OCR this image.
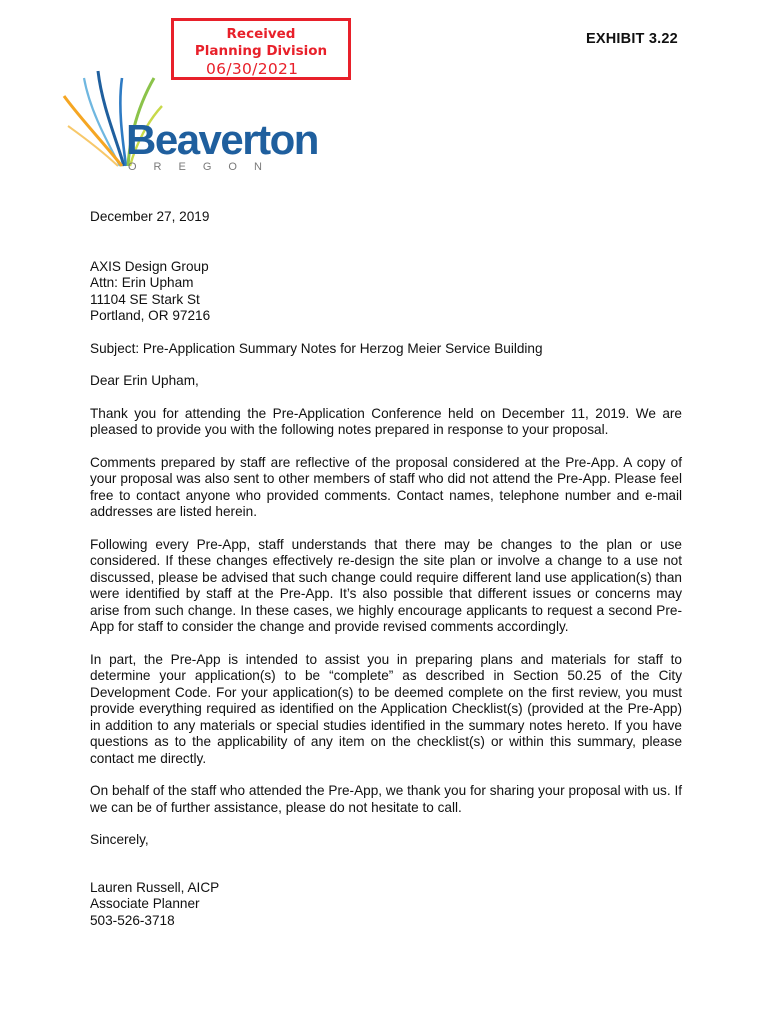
Received
Planning Division
06/30/2021
EXHIBIT 3.22
Beaverton
OREGON

December 27, 2019

AXIS Design Group

Attn: Erin Upham

11104 SE Stark St

Portland, OR 97216

Subject: Pre-Application Summary Notes for Herzog Meier Service Building

Dear Erin Upham,

Thank you for attending the Pre-Application Conference held on December 11, 2019. We are pleased to provide you with the following notes prepared in response to your proposal.

Comments prepared by staff are reflective of the proposal considered at the Pre-App. A copy of your proposal was also sent to other members of staff who did not attend the Pre-App. Please feel free to contact anyone who provided comments. Contact names, telephone number and e-mail addresses are listed herein.

Following every Pre-App, staff understands that there may be changes to the plan or use considered. If these changes effectively re-design the site plan or involve a change to a use not discussed, please be advised that such change could require different land use application(s) than were identified by staff at the Pre-App. It’s also possible that different issues or concerns may arise from such change. In these cases, we highly encourage applicants to request a second Pre-App for staff to consider the change and provide revised comments accordingly.

In part, the Pre-App is intended to assist you in preparing plans and materials for staff to determine your application(s) to be “complete” as described in Section 50.25 of the City Development Code. For your application(s) to be deemed complete on the first review, you must provide everything required as identified on the Application Checklist(s) (provided at the Pre-App) in addition to any materials or special studies identified in the summary notes hereto. If you have questions as to the applicability of any item on the checklist(s) or within this summary, please contact me directly.

On behalf of the staff who attended the Pre-App, we thank you for sharing your proposal with us. If we can be of further assistance, please do not hesitate to call.

Sincerely,

Lauren Russell, AICP
Associate Planner
503-526-3718
